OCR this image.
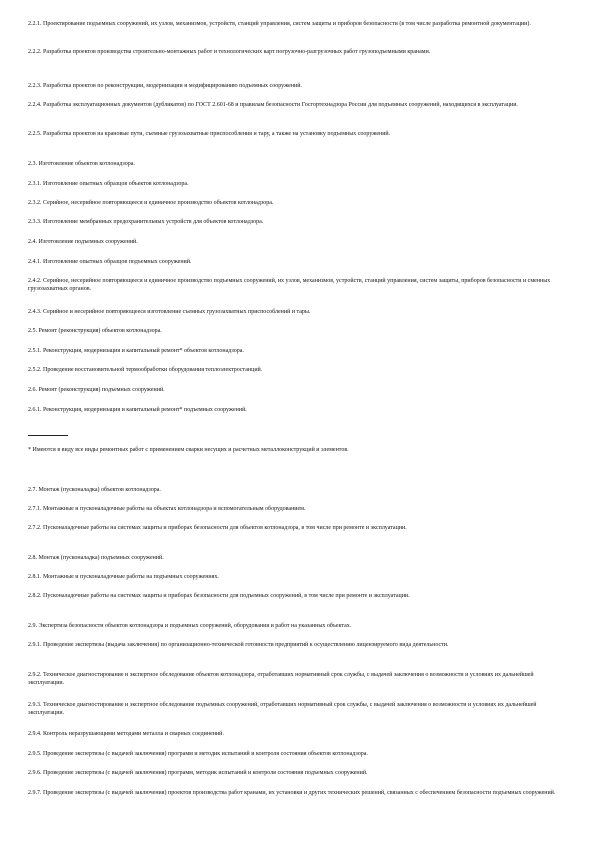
2.2.1. Проектирование подъемных сооружений, их узлов, механизмов, устройств, станций управления, систем защиты и приборов безопасности (в том числе разработка ремонтной документации).

2.2.2. Разработка проектов производства строительно-монтажных работ и технологических карт погрузочно-разгрузочных работ грузоподъемными кранами.

2.2.3. Разработка проектов по реконструкции, модернизации и модифицированию подъемных сооружений.

2.2.4. Разработка эксплуатационных документов (дубликатов) по ГОСТ 2.601-68 и правилам безопасности Госгортехнадзора России для подъемных сооружений, находящихся в эксплуатации.

2.2.5. Разработка проектов на крановые пути, съемные грузозахватные приспособления и тару, а также на установку подъемных сооружений.

2.3. Изготовление объектов котлонадзора.

2.3.1. Изготовление опытных образцов объектов котлонадзора.

2.3.2. Серийное, несерийное повторяющееся и единичное производство объектов котлонадзора.

2.3.3. Изготовление мембранных предохранительных устройств для объектов котлонадзора.

2.4. Изготовление подъемных сооружений.

2.4.1. Изготовление опытных образцов подъемных сооружений.

2.4.2. Серийное, несерийное повторяющееся и единичное производство подъемных сооружений, их узлов, механизмов, устройств, станций управления, систем защиты, приборов безопасности и сменных грузозахватных органов.

2.4.3. Серийное и несерийное повторяющееся изготовление съемных грузозахватных приспособлений и тары.

2.5. Ремонт (реконструкция) объектов котлонадзора.

2.5.1. Реконструкция, модернизация и капитальный ремонт* объектов котлонадзора.

2.5.2. Проведение восстановительной термообработки оборудования теплоэлектростанций.

2.6. Ремонт (реконструкция) подъемных сооружений.

2.6.1. Реконструкция, модернизация и капитальный ремонт* подъемных сооружений.

* Имеются в виду все виды ремонтных работ с применением сварки несущих и расчетных металлоконструкций и элементов.

2.7. Монтаж (пусконаладка) объектов котлонадзора.

2.7.1. Монтажные и пусконаладочные работы на объектах котлонадзора и вспомогательным оборудованием.

2.7.2. Пусконаладочные работы на системах защиты и приборах безопасности для объектов котлонадзора, в том числе при ремонте и эксплуатации.

2.8. Монтаж (пусконаладка) подъемных сооружений.

2.8.1. Монтажные и пусконаладочные работы на подъемных сооружениях.

2.8.2. Пусконаладочные работы на системах защиты и приборах безопасности для подъемных сооружений, в том числе при ремонте и эксплуатации.

2.9. Экспертиза безопасности объектов котлонадзора и подъемных сооружений, оборудования и работ на указанных объектах.

2.9.1. Проведение экспертизы (выдача заключения) по организационно-технической готовности предприятий к осуществлению лицензируемого вида деятельности.

2.9.2. Техническое диагностирование и экспертное обследование объектов котлонадзора, отработавших нормативный срок службы, с выдачей заключения о возможности и условиях их дальнейшей эксплуатации.

2.9.3. Техническое диагностирование и экспертное обследование подъемных сооружений, отработавших нормативный срок службы, с выдачей заключения о возможности и условиях их дальнейшей эксплуатации.

2.9.4. Контроль неразрушающими методами металла и сварных соединений.

2.9.5. Проведение экспертизы (с выдачей заключения) программ и методик испытаний и контроля состояния объектов котлонадзора.

2.9.6. Проведение экспертизы (с выдачей заключения) программ, методик испытаний и контроля состояния подъемных сооружений.

2.9.7. Проведение экспертизы (с выдачей заключения) проектов производства работ кранами, их установки и других технических решений, связанных с обеспечением безопасности подъемных сооружений.
